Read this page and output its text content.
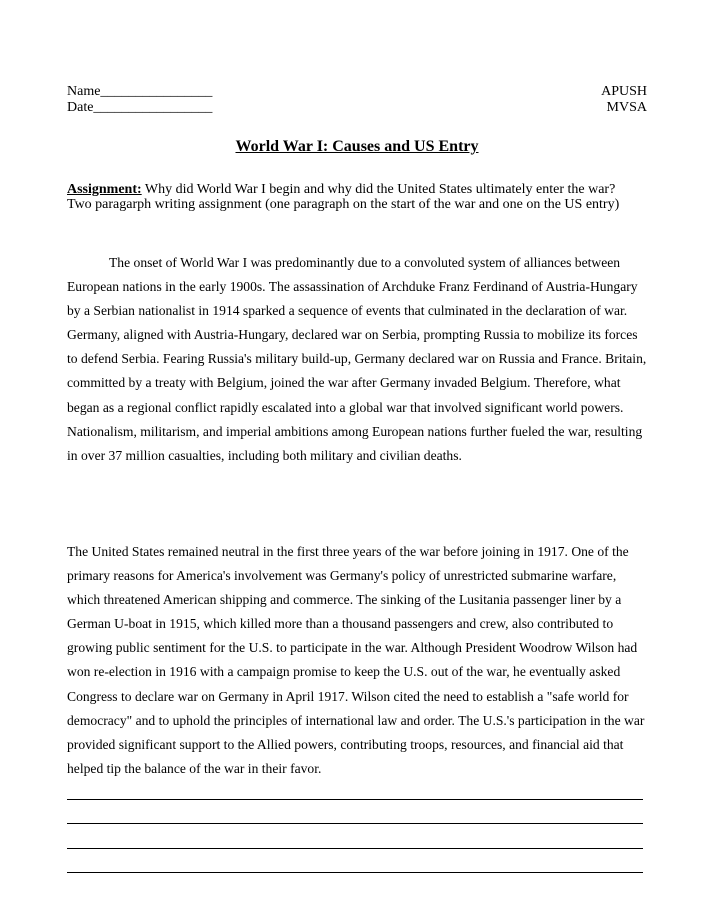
Name________________
Date_________________
APUSH
MVSA
World War I: Causes and US Entry
Assignment: Why did World War I begin and why did the United States ultimately enter the war?
Two paragarph writing assignment (one paragraph on the start of the war and one on the US entry)

The onset of World War I was predominantly due to a convoluted system of alliances between European nations in the early 1900s. The assassination of Archduke Franz Ferdinand of Austria-Hungary by a Serbian nationalist in 1914 sparked a sequence of events that culminated in the declaration of war. Germany, aligned with Austria-Hungary, declared war on Serbia, prompting Russia to mobilize its forces to defend Serbia. Fearing Russia's military build-up, Germany declared war on Russia and France. Britain, committed by a treaty with Belgium, joined the war after Germany invaded Belgium. Therefore, what began as a regional conflict rapidly escalated into a global war that involved significant world powers. Nationalism, militarism, and imperial ambitions among European nations further fueled the war, resulting in over 37 million casualties, including both military and civilian deaths.

The United States remained neutral in the first three years of the war before joining in 1917. One of the primary reasons for America's involvement was Germany's policy of unrestricted submarine warfare, which threatened American shipping and commerce. The sinking of the Lusitania passenger liner by a German U-boat in 1915, which killed more than a thousand passengers and crew, also contributed to growing public sentiment for the U.S. to participate in the war. Although President Woodrow Wilson had won re-election in 1916 with a campaign promise to keep the U.S. out of the war, he eventually asked Congress to declare war on Germany in April 1917. Wilson cited the need to establish a "safe world for democracy" and to uphold the principles of international law and order. The U.S.'s participation in the war provided significant support to the Allied powers, contributing troops, resources, and financial aid that helped tip the balance of the war in their favor.
